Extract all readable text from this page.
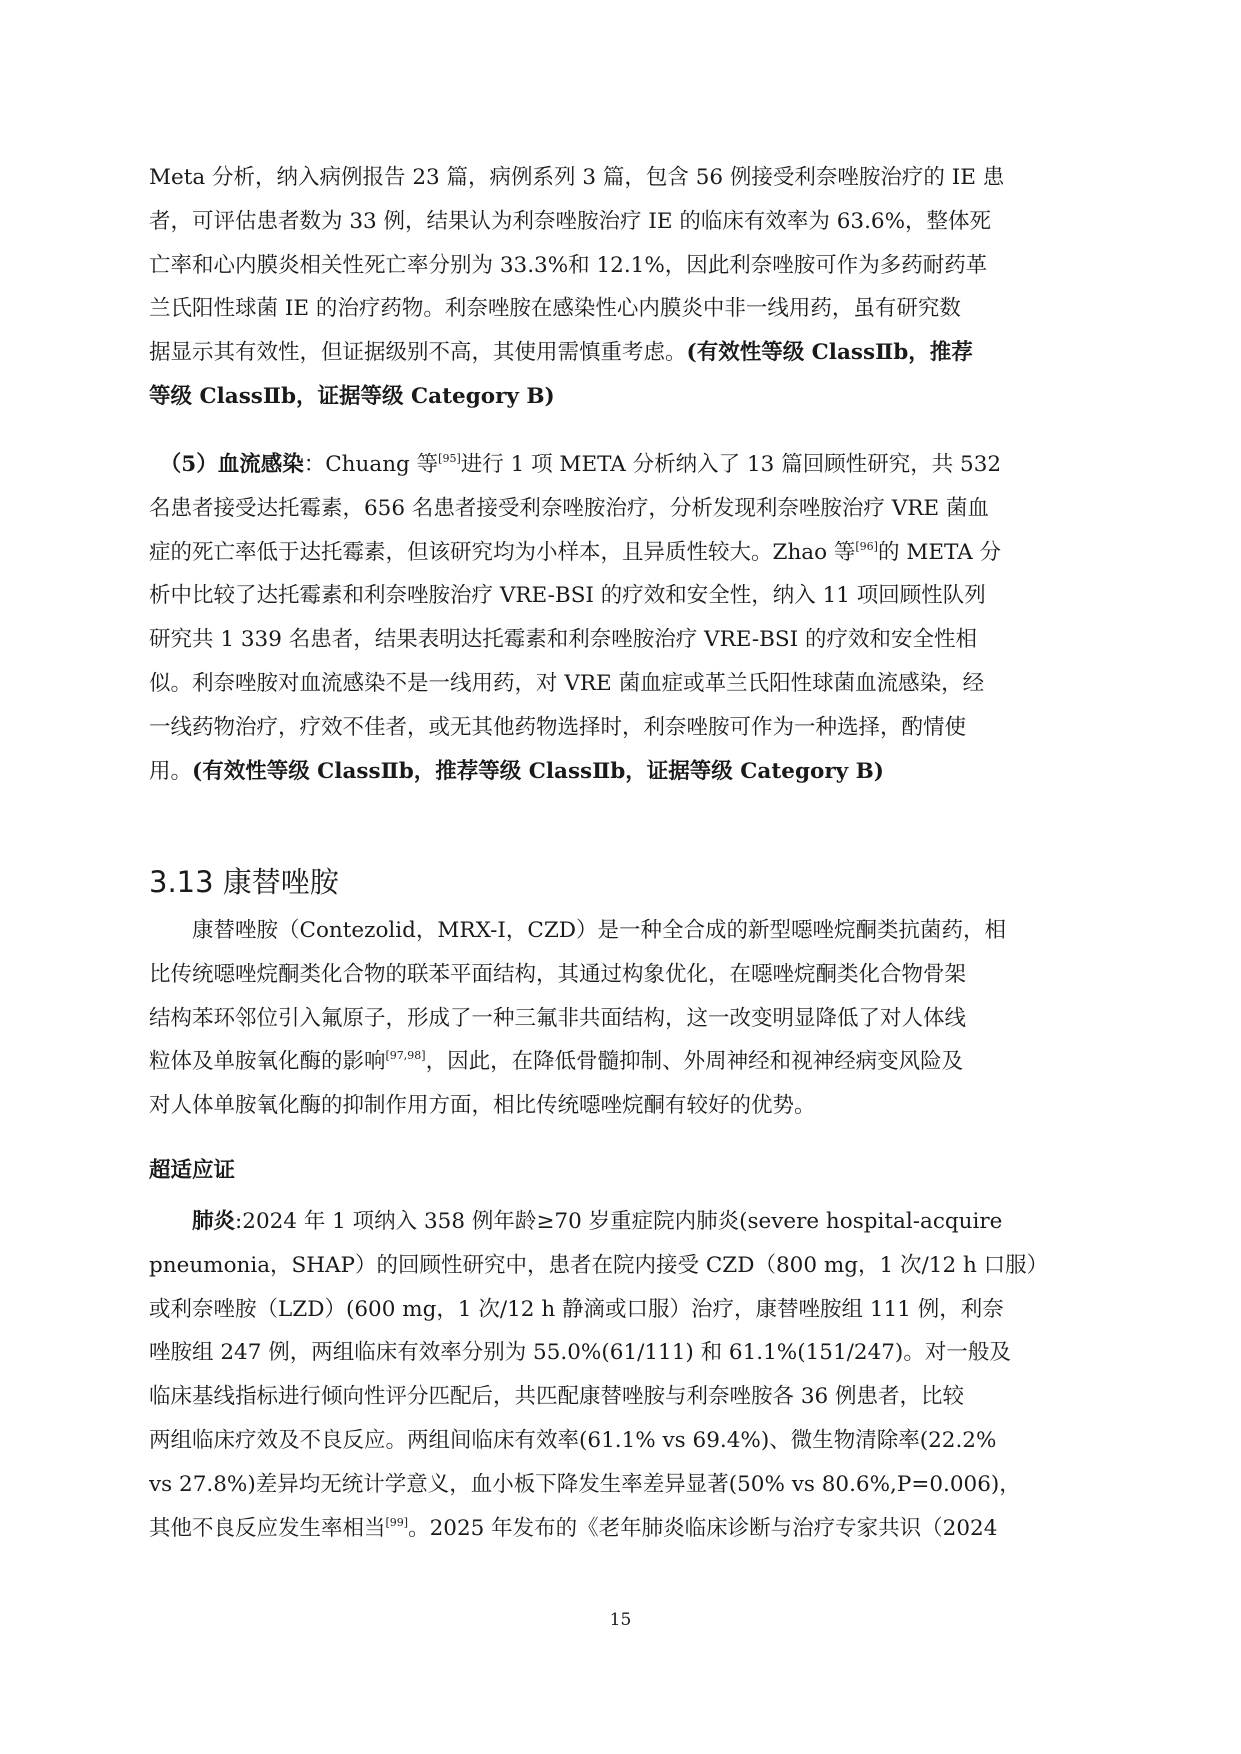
Meta 分析，纳入病例报告 23 篇，病例系列 3 篇，包含 56 例接受利奈唑胺治疗的 IE 患
者，可评估患者数为 33 例，结果认为利奈唑胺治疗 IE 的临床有效率为 63.6%，整体死
亡率和心内膜炎相关性死亡率分别为 33.3%和 12.1%，因此利奈唑胺可作为多药耐药革
兰氏阳性球菌 IE 的治疗药物。利奈唑胺在感染性心内膜炎中非一线用药，虽有研究数
据显示其有效性，但证据级别不高，其使用需慎重考虑。(有效性等级 ClassⅡb，推荐
等级 ClassⅡb，证据等级 Category B)
　（5）血流感染：Chuang 等[95]进行 1 项 META 分析纳入了 13 篇回顾性研究，共 532
名患者接受达托霉素，656 名患者接受利奈唑胺治疗，分析发现利奈唑胺治疗 VRE 菌血
症的死亡率低于达托霉素，但该研究均为小样本，且异质性较大。Zhao 等[96]的 META 分
析中比较了达托霉素和利奈唑胺治疗 VRE-BSI 的疗效和安全性，纳入 11 项回顾性队列
研究共 1 339 名患者，结果表明达托霉素和利奈唑胺治疗 VRE-BSI 的疗效和安全性相
似。利奈唑胺对血流感染不是一线用药，对 VRE 菌血症或革兰氏阳性球菌血流感染，经
一线药物治疗，疗效不佳者，或无其他药物选择时，利奈唑胺可作为一种选择，酌情使
用。(有效性等级 ClassⅡb，推荐等级 ClassⅡb，证据等级 Category B)
3.13 康替唑胺
　　康替唑胺（Contezolid，MRX-I，CZD）是一种全合成的新型噁唑烷酮类抗菌药，相
比传统噁唑烷酮类化合物的联苯平面结构，其通过构象优化，在噁唑烷酮类化合物骨架
结构苯环邻位引入氟原子，形成了一种三氟非共面结构，这一改变明显降低了对人体线
粒体及单胺氧化酶的影响[97,98]，因此，在降低骨髓抑制、外周神经和视神经病变风险及
对人体单胺氧化酶的抑制作用方面，相比传统噁唑烷酮有较好的优势。
超适应证
　　肺炎:2024 年 1 项纳入 358 例年龄≥70 岁重症院内肺炎(severe hospital-acquire
pneumonia，SHAP）的回顾性研究中，患者在院内接受 CZD（800 mg，1 次/12 h 口服）
或利奈唑胺（LZD）(600 mg，1 次/12 h 静滴或口服）治疗，康替唑胺组 111 例，利奈
唑胺组 247 例，两组临床有效率分别为 55.0%(61/111) 和 61.1%(151/247)。对一般及
临床基线指标进行倾向性评分匹配后，共匹配康替唑胺与利奈唑胺各 36 例患者，比较
两组临床疗效及不良反应。两组间临床有效率(61.1% vs 69.4%)、微生物清除率(22.2%
vs 27.8%)差异均无统计学意义，血小板下降发生率差异显著(50% vs 80.6%,P=0.006)，
其他不良反应发生率相当[99]。2025 年发布的《老年肺炎临床诊断与治疗专家共识（2024
15
